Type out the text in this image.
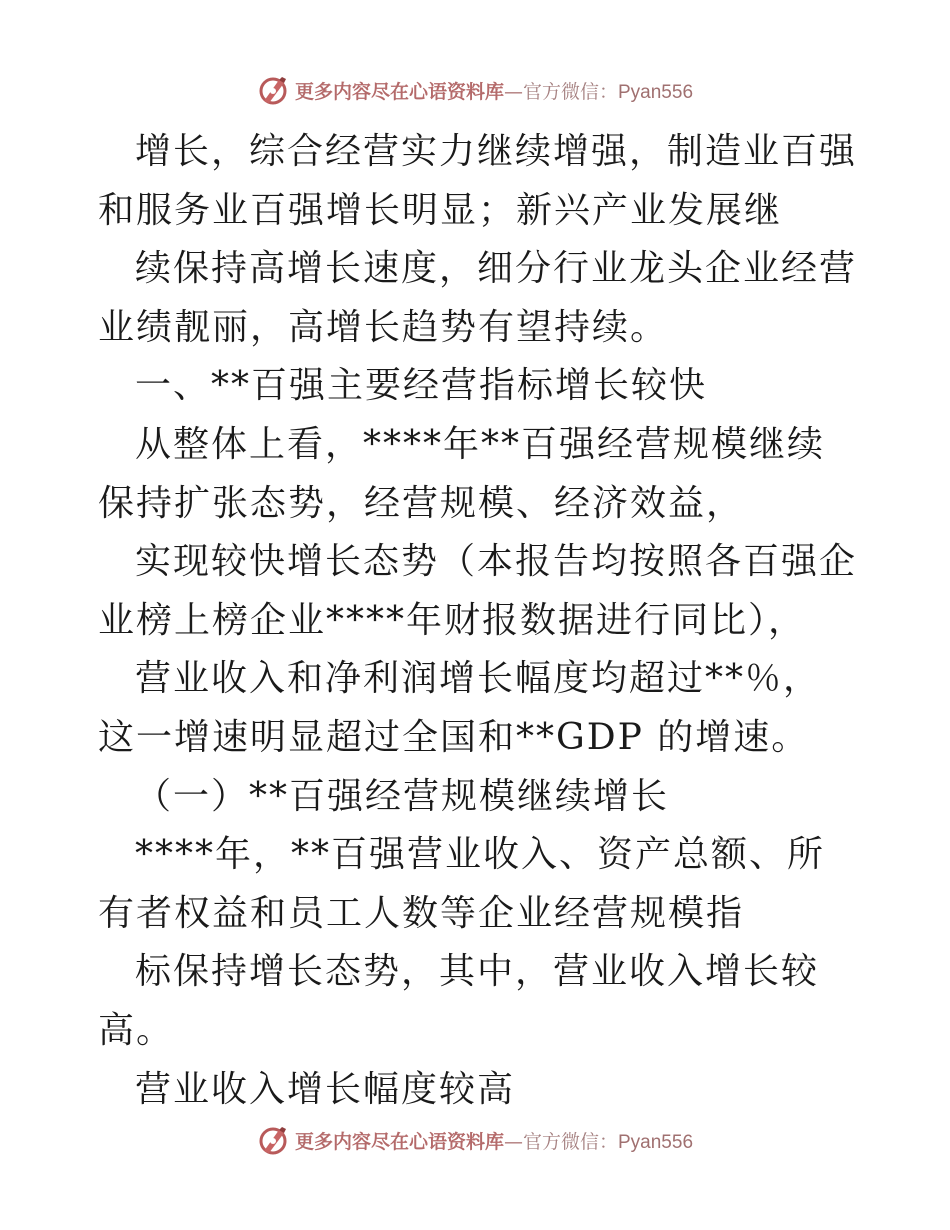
更多内容尽在心语资料库—官方微信：Pyan556

增长，综合经营实力继续增强，制造业百强和服务业百强增长明显；新兴产业发展继

续保持高增长速度，细分行业龙头企业经营业绩靓丽，高增长趋势有望持续。

一、**百强主要经营指标增长较快

从整体上看，****年**百强经营规模继续保持扩张态势，经营规模、经济效益，

实现较快增长态势（本报告均按照各百强企业榜上榜企业****年财报数据进行同比），

营业收入和净利润增长幅度均超过**％，这一增速明显超过全国和**GDP 的增速。

（一）**百强经营规模继续增长

****年，**百强营业收入、资产总额、所有者权益和员工人数等企业经营规模指

标保持增长态势，其中，营业收入增长较高。

营业收入增长幅度较高

更多内容尽在心语资料库—官方微信：Pyan556
